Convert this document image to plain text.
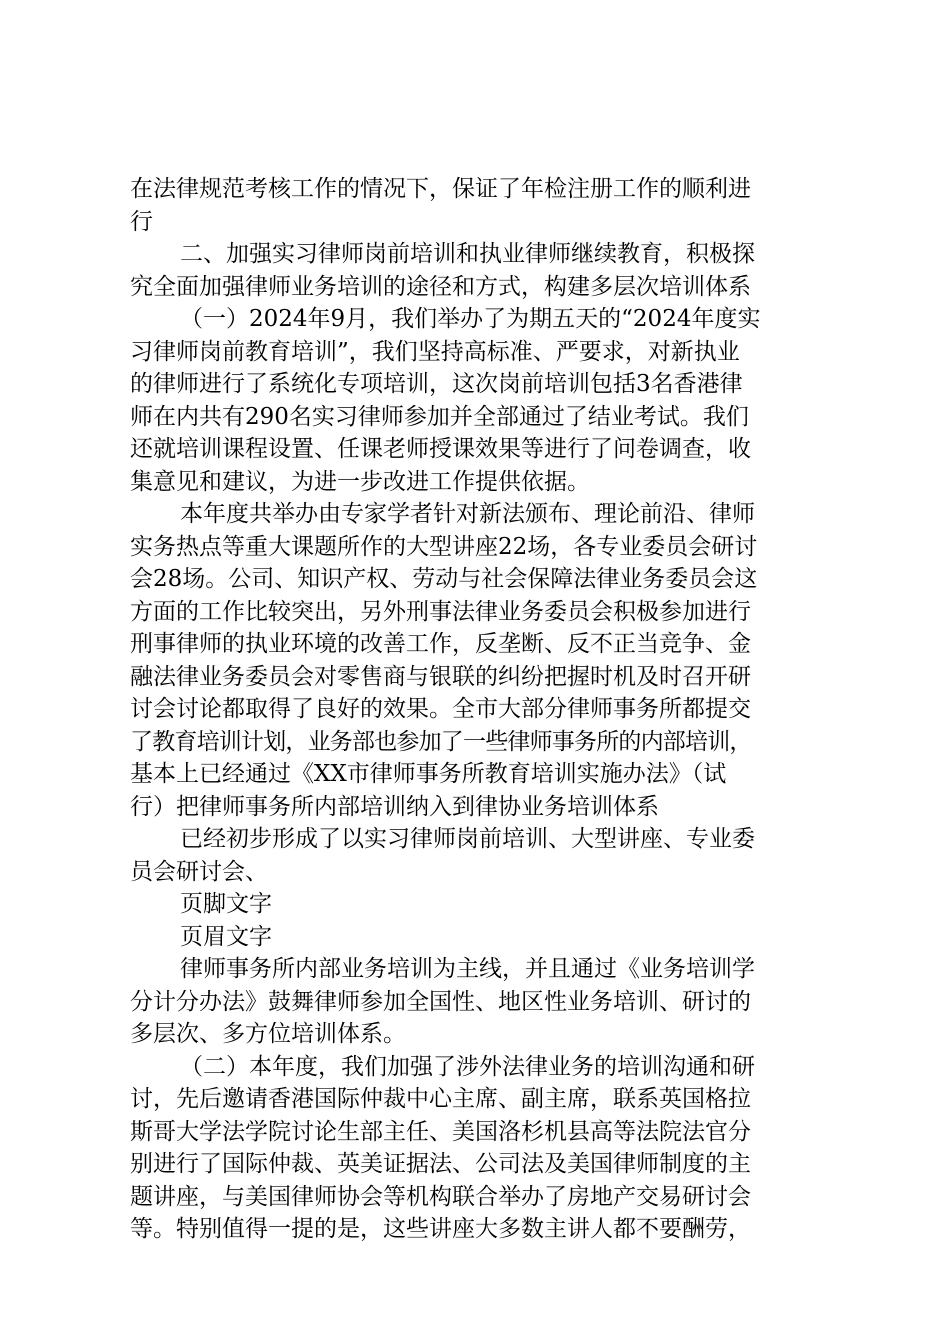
在法律规范考核工作的情况下，保证了年检注册工作的顺利进
行
二、加强实习律师岗前培训和执业律师继续教育，积极探
究全面加强律师业务培训的途径和方式，构建多层次培训体系
（一）2024年9月，我们举办了为期五天的“2024年度实
习律师岗前教育培训”，我们坚持高标准、严要求，对新执业
的律师进行了系统化专项培训，这次岗前培训包括3名香港律
师在内共有290名实习律师参加并全部通过了结业考试。我们
还就培训课程设置、任课老师授课效果等进行了问卷调查，收
集意见和建议，为进一步改进工作提供依据。
本年度共举办由专家学者针对新法颁布、理论前沿、律师
实务热点等重大课题所作的大型讲座22场，各专业委员会研讨
会28场。公司、知识产权、劳动与社会保障法律业务委员会这
方面的工作比较突出，另外刑事法律业务委员会积极参加进行
刑事律师的执业环境的改善工作，反垄断、反不正当竞争、金
融法律业务委员会对零售商与银联的纠纷把握时机及时召开研
讨会讨论都取得了良好的效果。全市大部分律师事务所都提交
了教育培训计划，业务部也参加了一些律师事务所的内部培训，
基本上已经通过《XX市律师事务所教育培训实施办法》（试
行）把律师事务所内部培训纳入到律协业务培训体系
已经初步形成了以实习律师岗前培训、大型讲座、专业委
员会研讨会、
页脚文字
页眉文字
律师事务所内部业务培训为主线，并且通过《业务培训学
分计分办法》鼓舞律师参加全国性、地区性业务培训、研讨的
多层次、多方位培训体系。
（二）本年度，我们加强了涉外法律业务的培训沟通和研
讨，先后邀请香港国际仲裁中心主席、副主席，联系英国格拉
斯哥大学法学院讨论生部主任、美国洛杉机县高等法院法官分
别进行了国际仲裁、英美证据法、公司法及美国律师制度的主
题讲座，与美国律师协会等机构联合举办了房地产交易研讨会
等。特别值得一提的是，这些讲座大多数主讲人都不要酬劳，
